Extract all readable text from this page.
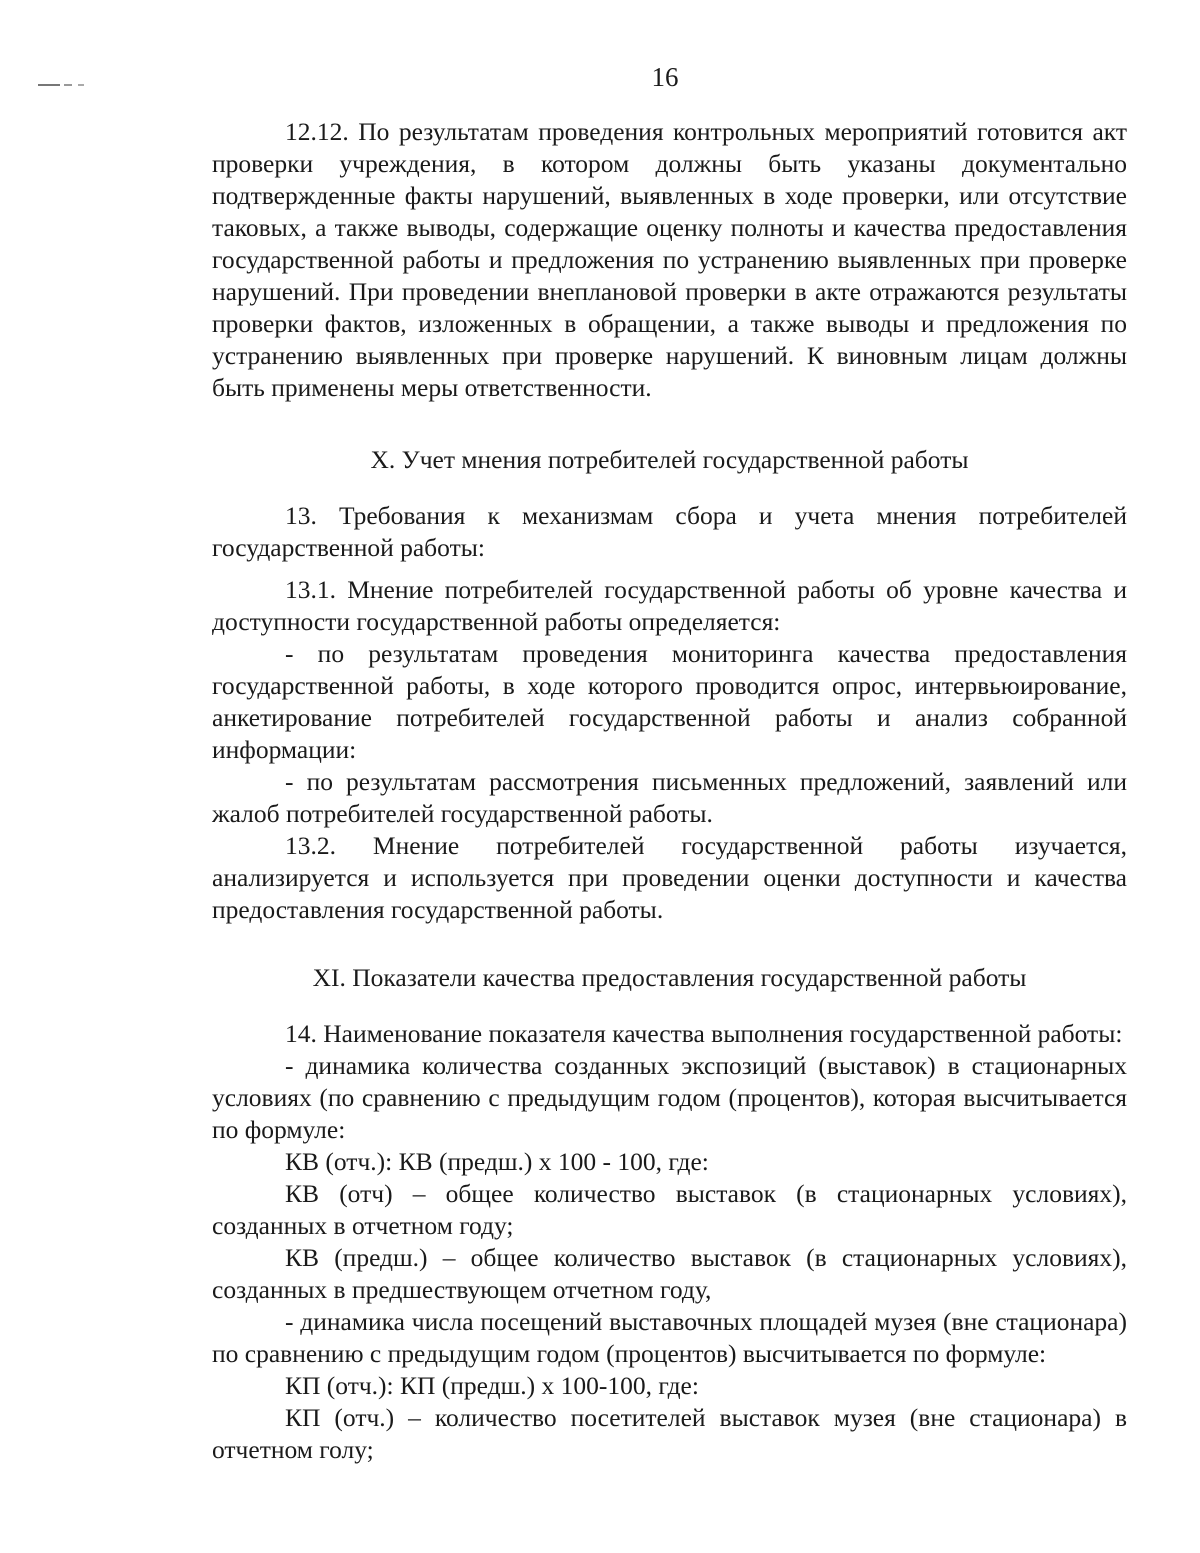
16

12.12. По результатам проведения контрольных мероприятий готовится акт проверки учреждения, в котором должны быть указаны документально подтвержденные факты нарушений, выявленных в ходе проверки, или отсутствие таковых, а также выводы, содержащие оценку полноты и качества предоставления государственной работы и предложения по устранению выявленных при проверке нарушений. При проведении внеплановой проверки в акте отражаются результаты проверки фактов, изложенных в обращении, а также выводы и предложения по устранению выявленных при проверке нарушений. К виновным лицам должны быть применены меры ответственности.

X. Учет мнения потребителей государственной работы

13. Требования к механизмам сбора и учета мнения потребителей государственной работы:

13.1. Мнение потребителей государственной работы об уровне качества и доступности государственной работы определяется:

- по результатам проведения мониторинга качества предоставления государственной работы, в ходе которого проводится опрос, интервьюирование, анкетирование потребителей государственной работы и анализ собранной информации:

- по результатам рассмотрения письменных предложений, заявлений или жалоб потребителей государственной работы.

13.2. Мнение потребителей государственной работы изучается, анализируется и используется при проведении оценки доступности и качества предоставления государственной работы.

XI. Показатели качества предоставления государственной работы

14. Наименование показателя качества выполнения государственной работы:

- динамика количества созданных экспозиций (выставок) в стационарных условиях (по сравнению с предыдущим годом (процентов), которая высчитывается по формуле:

КВ (отч.): КВ (предш.) х 100 - 100, где:

КВ (отч) – общее количество выставок (в стационарных условиях), созданных в отчетном году;

КВ (предш.) – общее количество выставок (в стационарных условиях), созданных в предшествующем отчетном году,

- динамика числа посещений выставочных площадей музея (вне стационара) по сравнению с предыдущим годом (процентов) высчитывается по формуле:

КП (отч.): КП (предш.) х 100-100, где:

КП (отч.) – количество посетителей выставок музея (вне стационара) в отчетном голу;
